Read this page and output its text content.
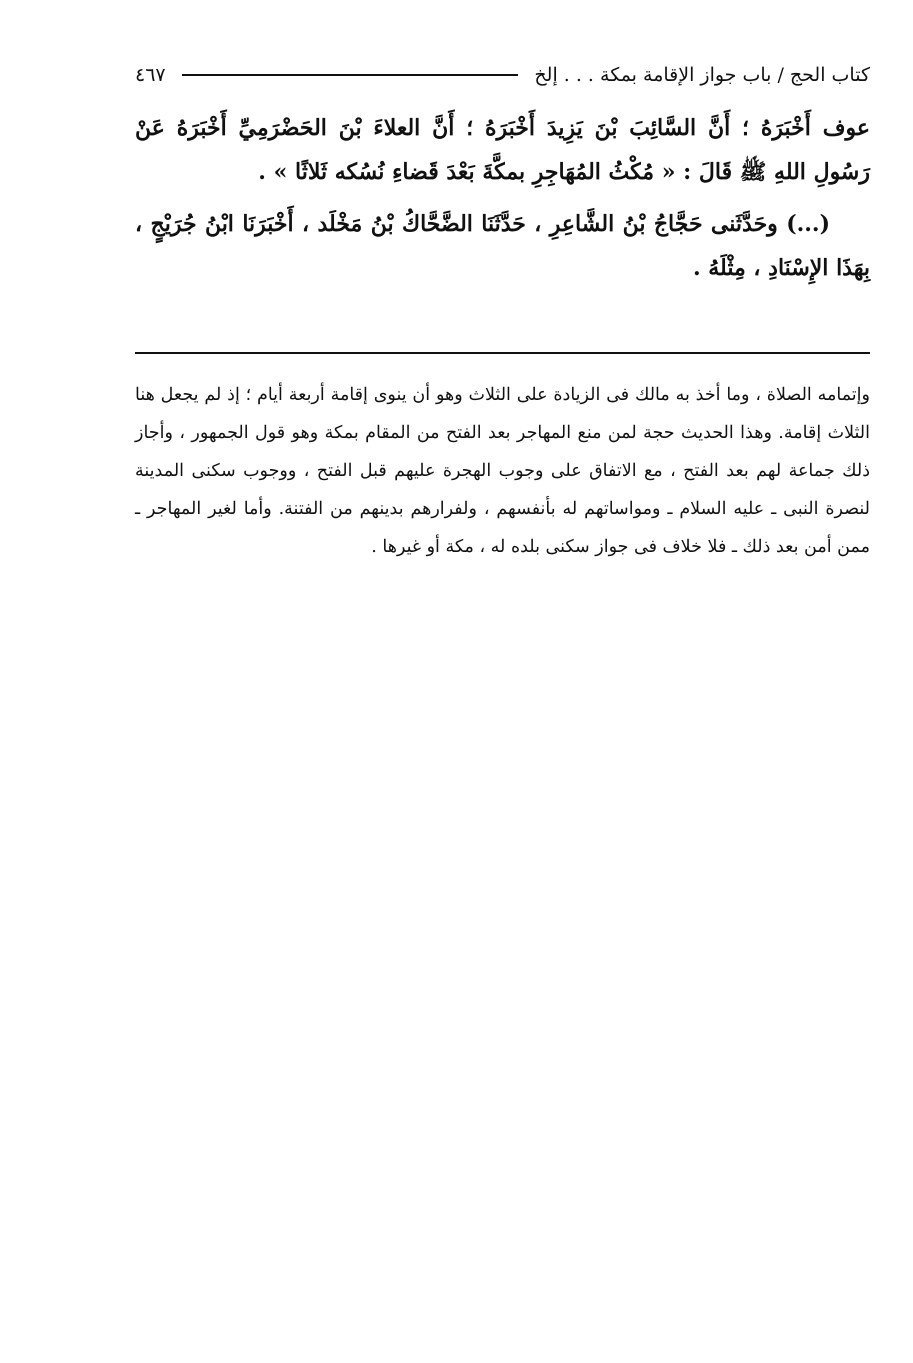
كتاب الحج / باب جواز الإقامة بمكة . . . إلخ
٤٦٧

عوف أَخْبَرَهُ ؛ أَنَّ السَّائِبَ بْنَ يَزِيدَ أَخْبَرَهُ ؛ أَنَّ العلاءَ بْنَ الحَضْرَمِيِّ أَخْبَرَهُ عَنْ رَسُولِ اللهِ ﷺ قَالَ : « مُكْثُ المُهَاجِرِ بمكَّةَ بَعْدَ قَضاءِ نُسُكه ثَلاثًا » .

(...) وحَدَّثَنى حَجَّاجُ بْنُ الشَّاعِرِ ، حَدَّثَنَا الضَّحَّاكُ بْنُ مَخْلَد ، أَخْبَرَنَا ابْنُ جُرَيْجٍ ، بِهَذَا الإِسْنَادِ ، مِثْلَهُ .

وإتمامه الصلاة ، وما أخذ به مالك فى الزيادة على الثلاث وهو أن ينوى إقامة أربعة أيام ؛ إذ لم يجعل هنا الثلاث إقامة. وهذا الحديث حجة لمن منع المهاجر بعد الفتح من المقام بمكة وهو قول الجمهور ، وأجاز ذلك جماعة لهم بعد الفتح ، مع الاتفاق على وجوب الهجرة عليهم قبل الفتح ، ووجوب سكنى المدينة لنصرة النبى ـ عليه السلام ـ ومواساتهم له بأنفسهم ، ولفرارهم بدينهم من الفتنة. وأما لغير المهاجر ـ ممن أمن بعد ذلك ـ فلا خلاف فى جواز سكنى بلده له ، مكة أو غيرها .
